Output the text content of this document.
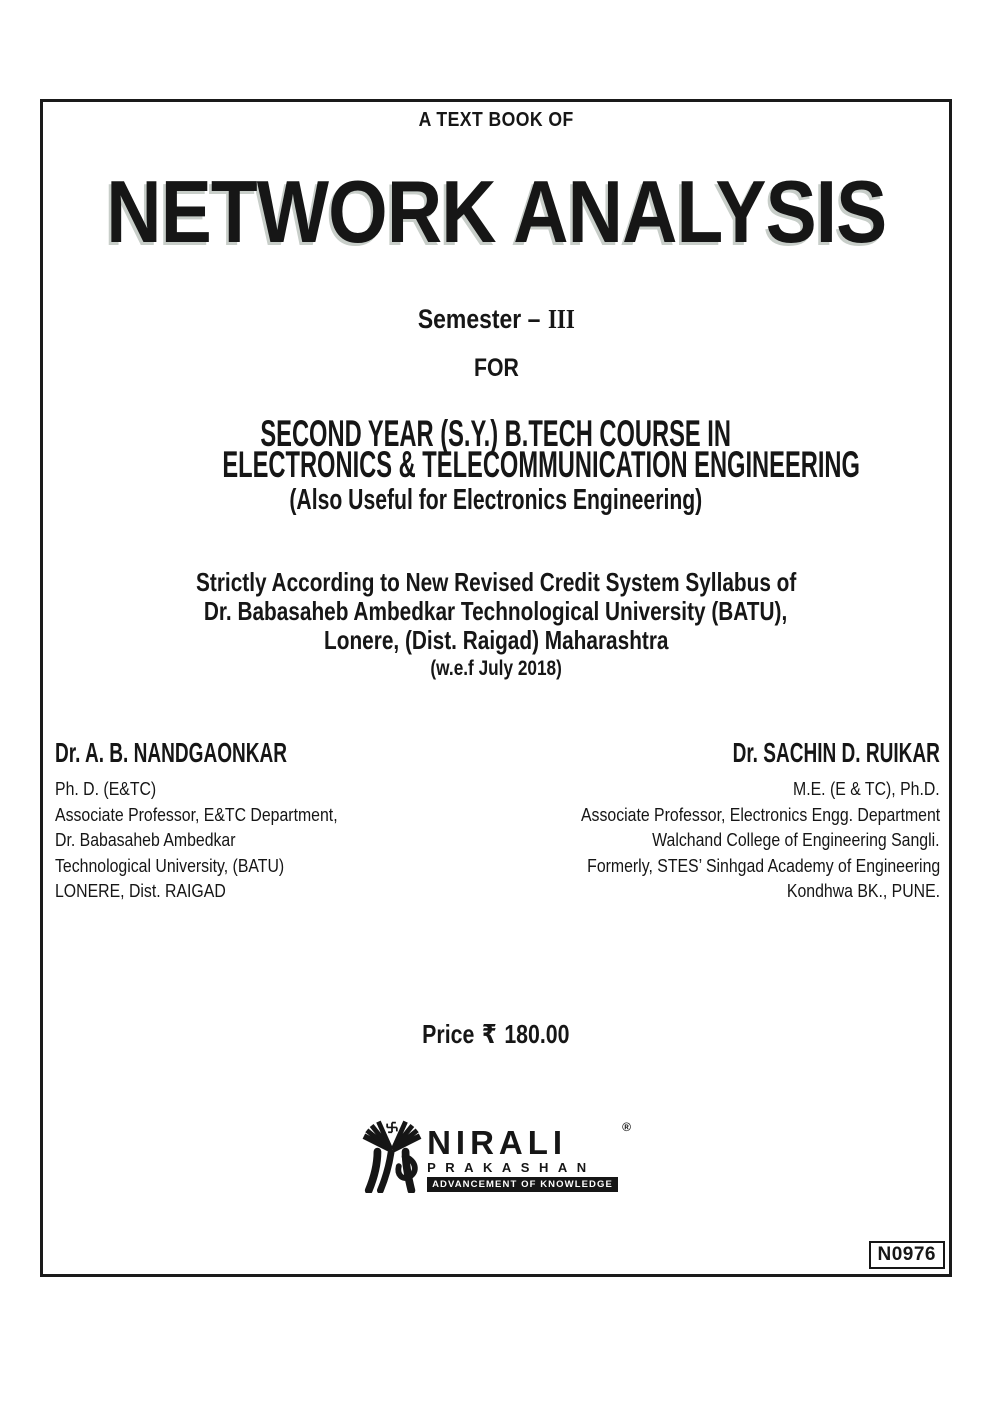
A TEXT BOOK OF
NETWORK ANALYSIS
Semester – III
FOR
SECOND YEAR (S.Y.) B.TECH COURSE IN
ELECTRONICS & TELECOMMUNICATION ENGINEERING
(Also Useful for Electronics Engineering)
Strictly According to New Revised Credit System Syllabus of
Dr. Babasaheb Ambedkar Technological University (BATU),
Lonere, (Dist. Raigad) Maharashtra
(w.e.f July 2018)
Dr. A. B. NANDGAONKAR
Ph. D. (E&TC)
Associate Professor, E&TC Department,
Dr. Babasaheb Ambedkar
Technological University, (BATU)
LONERE, Dist. RAIGAD
Dr. SACHIN D. RUIKAR
M.E. (E & TC), Ph.D.
Associate Professor, Electronics Engg. Department
Walchand College of Engineering Sangli.
Formerly, STES’ Sinhgad Academy of Engineering
Kondhwa BK., PUNE.
Price ₹ 180.00
NIRALI	®
PRAKASHAN
ADVANCEMENT OF KNOWLEDGE
N0976
